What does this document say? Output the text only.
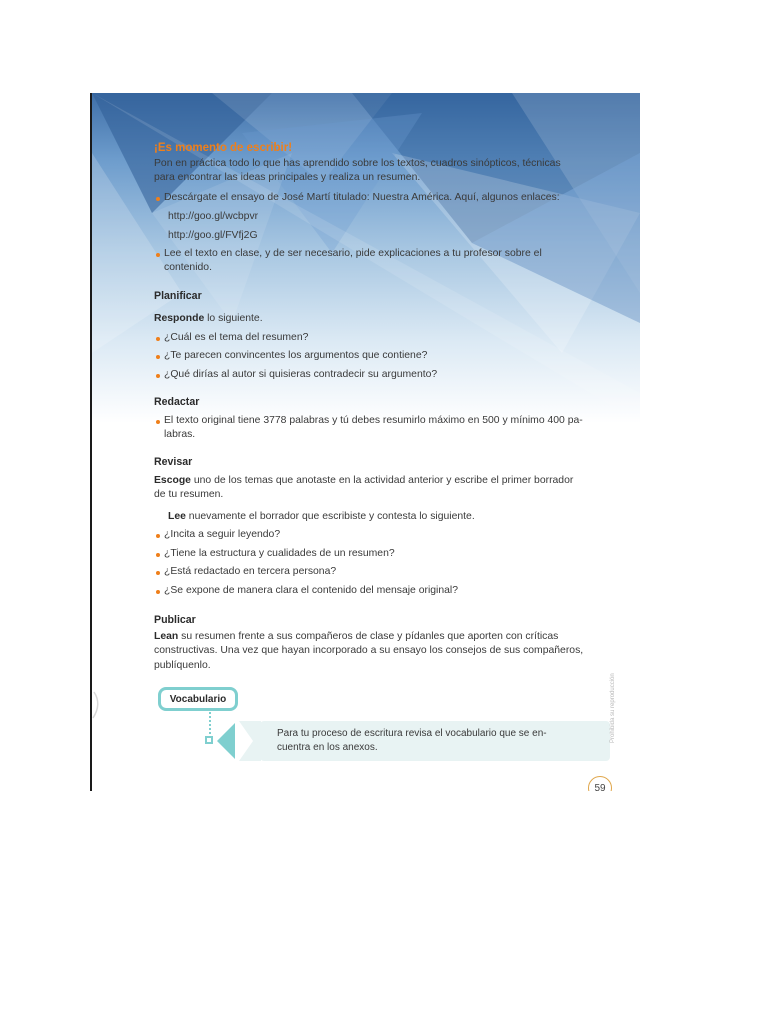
¡Es momento de escribir!
Pon en práctica todo lo que has aprendido sobre los textos, cuadros sinópticos, técnicas
para encontrar las ideas principales y realiza un resumen.
Descárgate el ensayo de José Martí titulado: Nuestra América. Aquí, algunos enlaces:
http://goo.gl/wcbpvr
http://goo.gl/FVfj2G
Lee el texto en clase, y de ser necesario, pide explicaciones a tu profesor sobre el
contenido.
Planificar
Responde lo siguiente.
¿Cuál es el tema del resumen?
¿Te parecen convincentes los argumentos que contiene?
¿Qué dirías al autor si quisieras contradecir su argumento?
Redactar
El texto original tiene 3778 palabras y tú debes resumirlo máximo en 500 y mínimo 400 pa-
labras.
Revisar
Escoge uno de los temas que anotaste en la actividad anterior y escribe el primer borrador
de tu resumen.
Lee nuevamente el borrador que escribiste y contesta lo siguiente.
¿Incita a seguir leyendo?
¿Tiene la estructura y cualidades de un resumen?
¿Está redactado en tercera persona?
¿Se expone de manera clara el contenido del mensaje original?
Publicar
Lean su resumen frente a sus compañeros de clase y pídanles que aporten con críticas
constructivas. Una vez que hayan incorporado a su ensayo los consejos de sus compañeros,
publíquenlo.
Vocabulario
Para tu proceso de escritura revisa el vocabulario que se en-
cuentra en los anexos.
Prohibida su reproducción
59
